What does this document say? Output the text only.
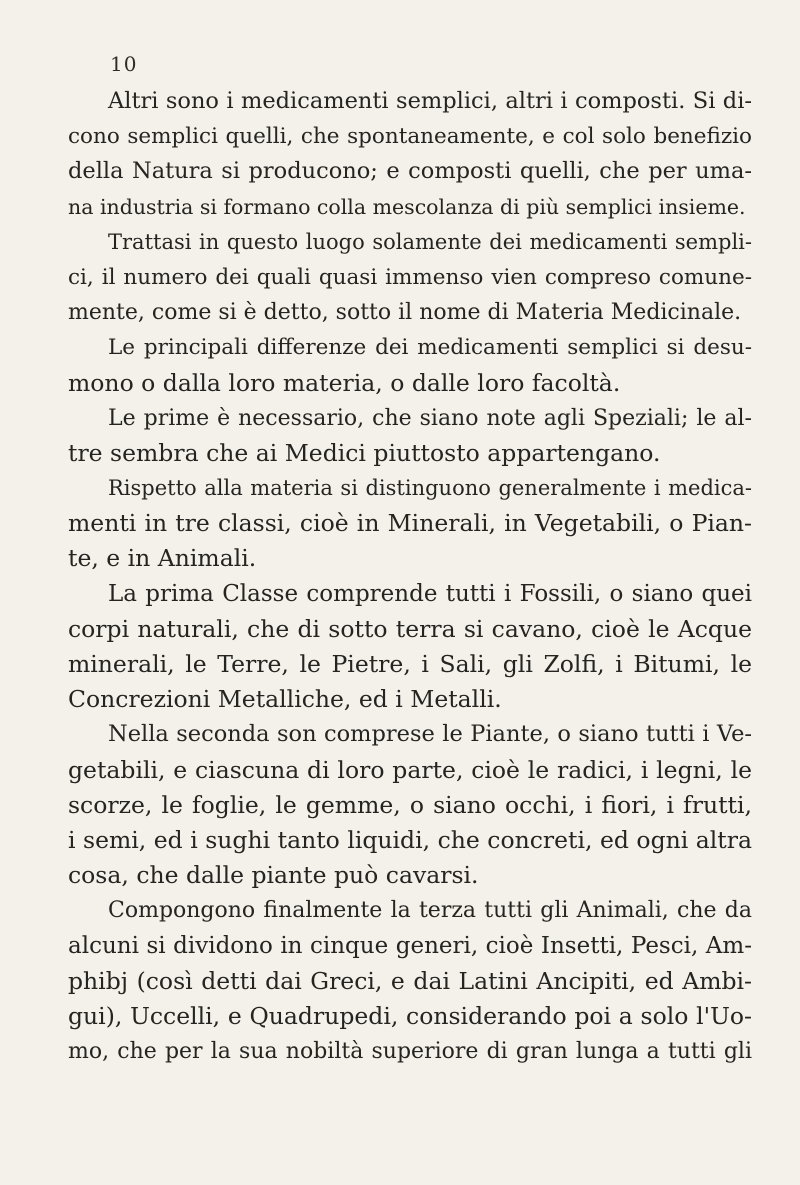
10
Altri sono i medicamenti semplici, altri i composti. Si di-
cono semplici quelli, che spontaneamente, e col solo benefizio
della Natura si producono; e composti quelli, che per uma-
na industria si formano colla mescolanza di più semplici insieme.
Trattasi in questo luogo solamente dei medicamenti sempli-
ci, il numero dei quali quasi immenso vien compreso comune-
mente, come si è detto, sotto il nome di Materia Medicinale.
Le principali differenze dei medicamenti semplici si desu-
mono o dalla loro materia, o dalle loro facoltà.
Le prime è necessario, che siano note agli Speziali; le al-
tre sembra che ai Medici piuttosto appartengano.
Rispetto alla materia si distinguono generalmente i medica-
menti in tre classi, cioè in Minerali, in Vegetabili, o Pian-
te, e in Animali.
La prima Classe comprende tutti i Fossili, o siano quei
corpi naturali, che di sotto terra si cavano, cioè le Acque
minerali, le Terre, le Pietre, i Sali, gli Zolfi, i Bitumi, le
Concrezioni Metalliche, ed i Metalli.
Nella seconda son comprese le Piante, o siano tutti i Ve-
getabili, e ciascuna di loro parte, cioè le radici, i legni, le
scorze, le foglie, le gemme, o siano occhi, i fiori, i frutti,
i semi, ed i sughi tanto liquidi, che concreti, ed ogni altra
cosa, che dalle piante può cavarsi.
Compongono finalmente la terza tutti gli Animali, che da
alcuni si dividono in cinque generi, cioè Insetti, Pesci, Am-
phibj (così detti dai Greci, e dai Latini Ancipiti, ed Ambi-
gui), Uccelli, e Quadrupedi, considerando poi a solo l'Uo-
mo, che per la sua nobiltà superiore di gran lunga a tutti gli
